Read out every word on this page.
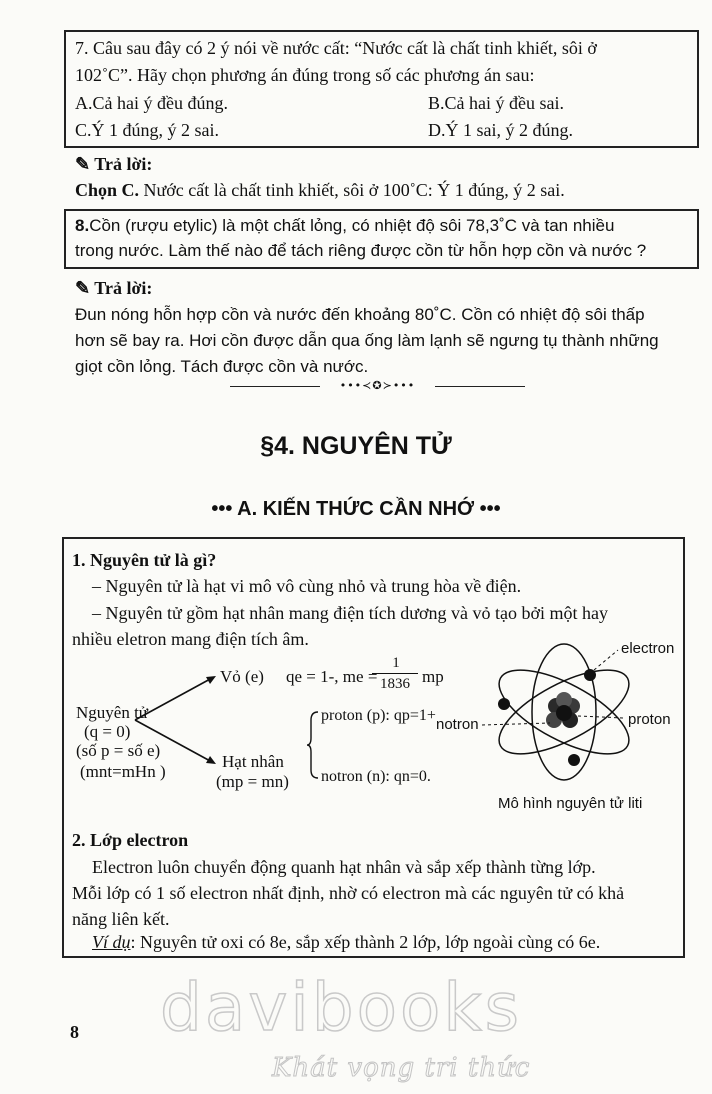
7. Câu sau đây có 2 ý nói về nước cất: “Nước cất là chất tinh khiết, sôi ở
102˚C”. Hãy chọn phương án đúng trong số các phương án sau:
A.Cả hai ý đều đúng.	B.Cả hai ý đều sai.
C.Ý 1 đúng, ý 2 sai.	D.Ý 1 sai, ý 2 đúng.
✎ Trả lời:
Chọn C. Nước cất là chất tinh khiết, sôi ở 100˚C: Ý 1 đúng, ý 2 sai.
8.Cồn (rượu etylic) là một chất lỏng, có nhiệt độ sôi 78,3˚C và tan nhiều
trong nước. Làm thế nào để tách riêng được cồn từ hỗn hợp cồn và nước ?
✎ Trả lời:
Đun nóng hỗn hợp cồn và nước đến khoảng 80˚C. Cồn có nhiệt độ sôi thấp
hơn sẽ bay ra. Hơi cồn được dẫn qua ống làm lạnh sẽ ngưng tụ thành những
giọt cồn lỏng. Tách được cồn và nước.
•••≺✪≻•••
§4. NGUYÊN TỬ
••• A. KIẾN THỨC CẦN NHỚ •••
1. Nguyên tử là gì?
– Nguyên tử là hạt vi mô vô cùng nhỏ và trung hòa về điện.
– Nguyên tử gồm hạt nhân mang điện tích dương và vỏ tạo bởi một hay
nhiều eletron mang điện tích âm.
Nguyên tử
(q = 0)
(số p = số e)
(mnt=mHn )
Vỏ (e) qe = 1-, me =
1
1836 mp
Hạt nhân
(mp = mn)
proton (p): qp=1+
notron (n): qn=0.
electron
notron	proton
Mô hình nguyên tử liti
2. Lớp electron
Electron luôn chuyển động quanh hạt nhân và sắp xếp thành từng lớp.
Mỗi lớp có 1 số electron nhất định, nhờ có electron mà các nguyên tử có khả
năng liên kết.
Ví dụ: Nguyên tử oxi có 8e, sắp xếp thành 2 lớp, lớp ngoài cùng có 6e.
8 davibooks
Khát vọng tri thức
